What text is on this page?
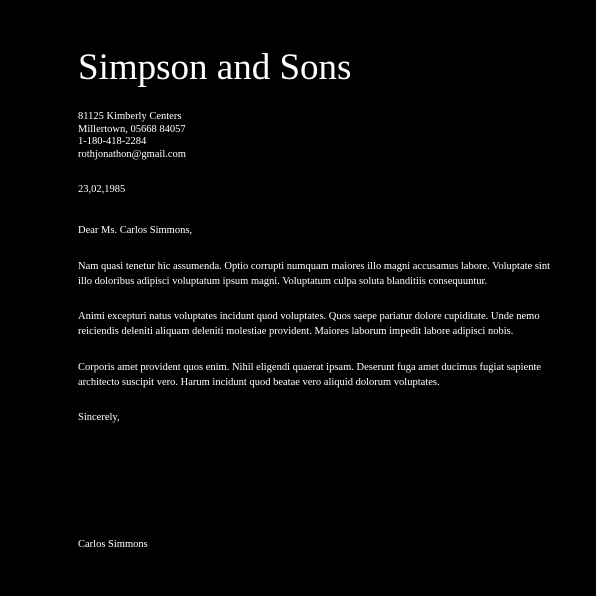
Simpson and Sons
81125 Kimberly Centers
Millertown, 05668 84057
1-180-418-2284
rothjonathon@gmail.com
23,02,1985
Dear Ms. Carlos Simmons,

Nam quasi tenetur hic assumenda. Optio corrupti numquam maiores illo magni accusamus labore. Voluptate sint illo doloribus adipisci voluptatum ipsum magni. Voluptatum culpa soluta blanditiis consequuntur.

Animi excepturi natus voluptates incidunt quod voluptates. Quos saepe pariatur dolore cupiditate. Unde nemo reiciendis deleniti aliquam deleniti molestiae provident. Maiores laborum impedit labore adipisci nobis.

Corporis amet provident quos enim. Nihil eligendi quaerat ipsam. Deserunt fuga amet ducimus fugiat sapiente architecto suscipit vero. Harum incidunt quod beatae vero aliquid dolorum voluptates.

Sincerely,
Carlos Simmons
